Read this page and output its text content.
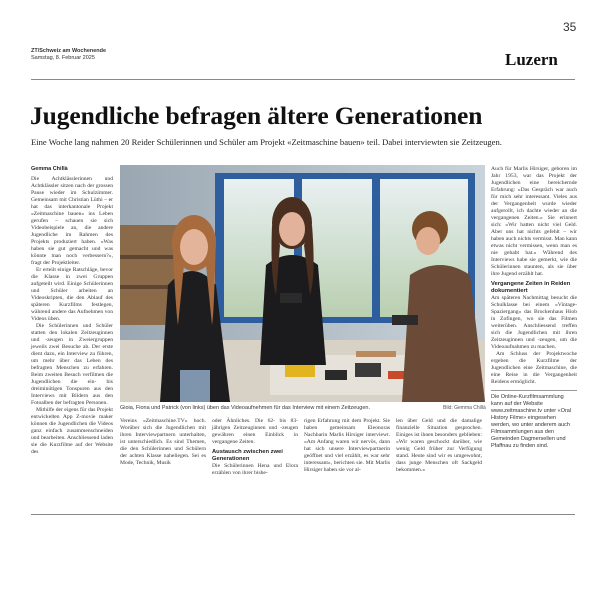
35
ZT/Schweiz am Wochenende
Samstag, 8. Februar 2025	Luzern
Jugendliche befragen ältere Generationen
Eine Woche lang nahmen 20 Reider Schülerinnen und Schüler am Projekt «Zeitmaschine bauen» teil. Dabei interviewten sie Zeitzeugen.
Gemma Chillà

Die Achtklässlerinnen und Achtklässler sitzen nach der grossen Pause wieder im Schulzimmer. Gemeinsam mit Christian Lüthi – er hat das interkantonale Projekt «Zeitmaschine bauen» ins Leben gerufen – schauen sie sich Videobeispiele an, die andere Jugendliche im Rahmen des Projekts produziert haben. «Was haben sie gut gemacht und was könnte man noch verbessern?», fragt der Projektleiter.

Er erteilt einige Ratschläge, bevor die Klasse in zwei Gruppen aufgeteilt wird. Einige Schülerinnen und Schüler arbeiten an Videoskripten, die den Ablauf des späteren Kurzfilms festlegen, während andere das Aufnehmen von Videos üben.

Die Schülerinnen und Schüler statten den lokalen Zeitzeuginnen und -zeugen in Zweiergruppen jeweils zwei Besuche ab. Der erste dient dazu, ein Interview zu führen, um mehr über das Leben des befragten Menschen zu erfahren. Beim zweiten Besuch verfilmen die Jugendlichen die ein- bis dreiminütigen Tonspuren aus den Interviews mit Bildern aus den Fotoalben der befragten Personen.

Mithilfe der eigens für das Projekt entwickelten App Z-movie maker können die Jugendlichen die Videos ganz einfach zusammenschneiden und bearbeiten. Anschliessend laden sie die Kurzfilme auf der Website des

Gioia, Fiona und Patrick (von links) üben das Videoaufnehmen für das Interview mit einem Zeitzeugen.	Bild: Gemma Chillà

Vereins «Zeitmaschine.TV» hoch. Worüber sich die Jugendlichen mit ihren Interviewpartnern unterhalten, ist unterschiedlich. Es sind Themen, die den Schülerinnen und Schülern der achten Klasse naheliegen. Sei es Mode, Technik, Musik

oder Ähnliches. Die 62- bis 83-jährigen Zeitzeuginnen und -zeugen gewähren einen Einblick in vergangene Zeiten.

Austausch zwischen zwei Generationen

Die Schülerinnen Hena und Elora erzählen von ihrer bishe-

rigen Erfahrung mit dem Projekt. Sie haben gemeinsam Eleonoras Nachbarin Marlis Hirsiger interviewt. «Am Anfang waren wir nervös, dann hat sich unsere Interviewpartnerin geöffnet und viel erzählt, es war sehr interessant», berichten sie. Mit Marlis Hirsiger haben sie vor al-

len über Geld und die damalige finanzielle Situation gesprochen. Einiges ist ihnen besonders geblieben: «Wir waren geschockt darüber, wie wenig Geld früher zur Verfügung stand. Heute sind wir es umgewohnt, dass junge Menschen oft Sackgeld bekommen.»

Auch für Marlis Hirsiger, geboren im Jahr 1953, war das Projekt der Jugendlichen eine bereichernde Erfahrung: «Das Gespräch war auch für mich sehr interessant. Vieles aus der Vergangenheit wurde wieder aufgerollt, ich dachte wieder an die vergangenen Zeiten.» Sie erinnert sich: «Wir hatten nicht viel Geld. Aber uns hat nichts gefehlt – wir haben auch nichts vermisst. Man kann etwas nicht vermissen, wenn man es nie gehabt hat.» Während des Interviews habe sie gemerkt, wie die Schülerinnen staunten, als sie über ihre Jugend erzählt hat.

Vergangene Zeiten in Reiden dokumentiert

Am späteren Nachmittag besucht die Schulklasse bei einem «Vintage-Spaziergang» das Brockenhaus Hiob in Zofingen, wo sie das Filmen weiterüben. Anschliessend treffen sich die Jugendlichen mit ihren Zeitzeuginnen und -zeugen, um die Videoaufnahmen zu machen.

Am Schluss der Projektwoche ergeben die Kurzfilme der Jugendlichen eine Zeitmaschine, die eine Reise in die Vergangenheit Reidens ermöglicht.

Die Online-Kurzfilmsammlung kann auf der Website www.zeitmaschine.tv unter «Oral History Filme» eingesehen werden, wo unter anderem auch Filmsammlungen aus den Gemeinden Dagmersellen und Pfaffnau zu finden sind.
